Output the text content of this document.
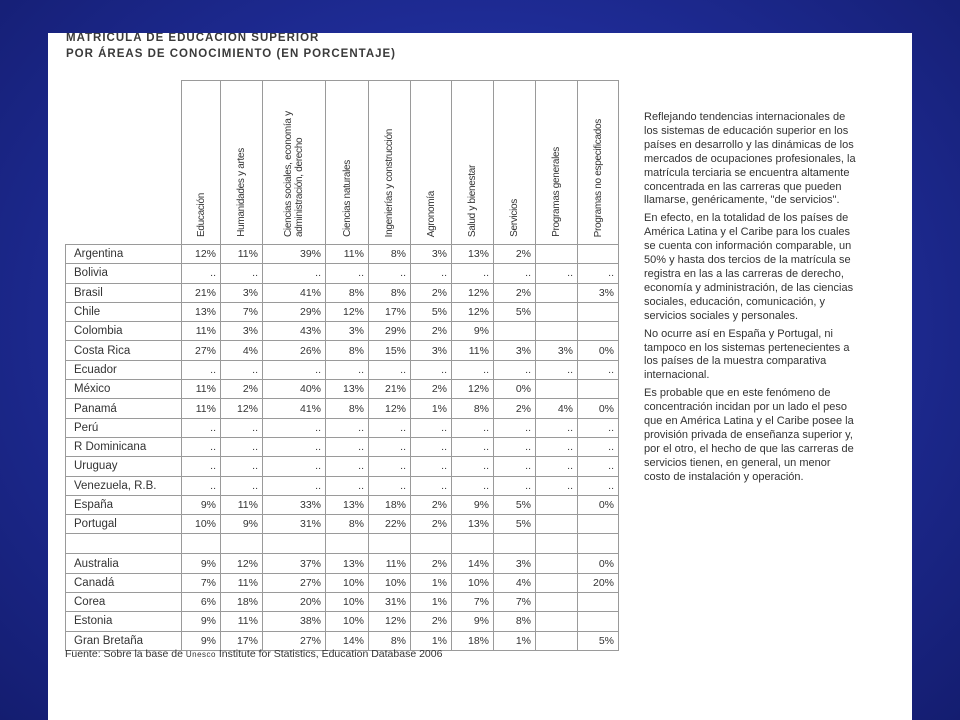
MATRÍCULA DE EDUCACIÓN SUPERIOR
POR ÁREAS DE CONOCIMIENTO (EN PORCENTAJE)
	Educación	Humanidades y artes	Ciencias sociales, economía y administración, derecho	Ciencias naturales	Ingenierías y construcción	Agronomía	Salud y bienestar	Servicios	Programas generales	Programas no especificados
Argentina	12%	11%	39%	11%	8%	3%	13%	2%		
Bolivia	..	..	..	..	..	..	..	..	..	..
Brasil	21%	3%	41%	8%	8%	2%	12%	2%		3%
Chile	13%	7%	29%	12%	17%	5%	12%	5%		
Colombia	11%	3%	43%	3%	29%	2%	9%			
Costa Rica	27%	4%	26%	8%	15%	3%	11%	3%	3%	0%
Ecuador	..	..	..	..	..	..	..	..	..	..
México	11%	2%	40%	13%	21%	2%	12%	0%		
Panamá	11%	12%	41%	8%	12%	1%	8%	2%	4%	0%
Perú	..	..	..	..	..	..	..	..	..	..
R Dominicana	..	..	..	..	..	..	..	..	..	..
Uruguay	..	..	..	..	..	..	..	..	..	..
Venezuela, R.B.	..	..	..	..	..	..	..	..	..	..
España	9%	11%	33%	13%	18%	2%	9%	5%		0%
Portugal	10%	9%	31%	8%	22%	2%	13%	5%		

Australia	9%	12%	37%	13%	11%	2%	14%	3%		0%
Canadá	7%	11%	27%	10%	10%	1%	10%	4%		20%
Corea	6%	18%	20%	10%	31%	1%	7%	7%		
Estonia	9%	11%	38%	10%	12%	2%	9%	8%		
Gran Bretaña	9%	17%	27%	14%	8%	1%	18%	1%		5%
Fuente: Sobre la base de Unesco Institute for Statistics, Education Database 2006

Reflejando tendencias internacionales de los sistemas de educación superior en los países en desarrollo y las dinámicas de los mercados de ocupaciones profesionales, la matrícula terciaria se encuentra altamente concentrada en las carreras que pueden llamarse, genéricamente, "de servicios".

En efecto, en la totalidad de los países de América Latina y el Caribe para los cuales se cuenta con información comparable, un 50% y hasta dos tercios de la matrícula se registra en las a las carreras de derecho, economía y administración, de las ciencias sociales, educación, comunicación, y servicios sociales y personales.

No ocurre así en España y Portugal, ni tampoco en los sistemas pertenecientes a los países de la muestra comparativa internacional.

Es probable que en este fenómeno de concentración incidan por un lado el peso que en América Latina y el Caribe posee la provisión privada de enseñanza superior y, por el otro, el hecho de que las carreras de servicios tienen, en general, un menor costo de instalación y operación.
